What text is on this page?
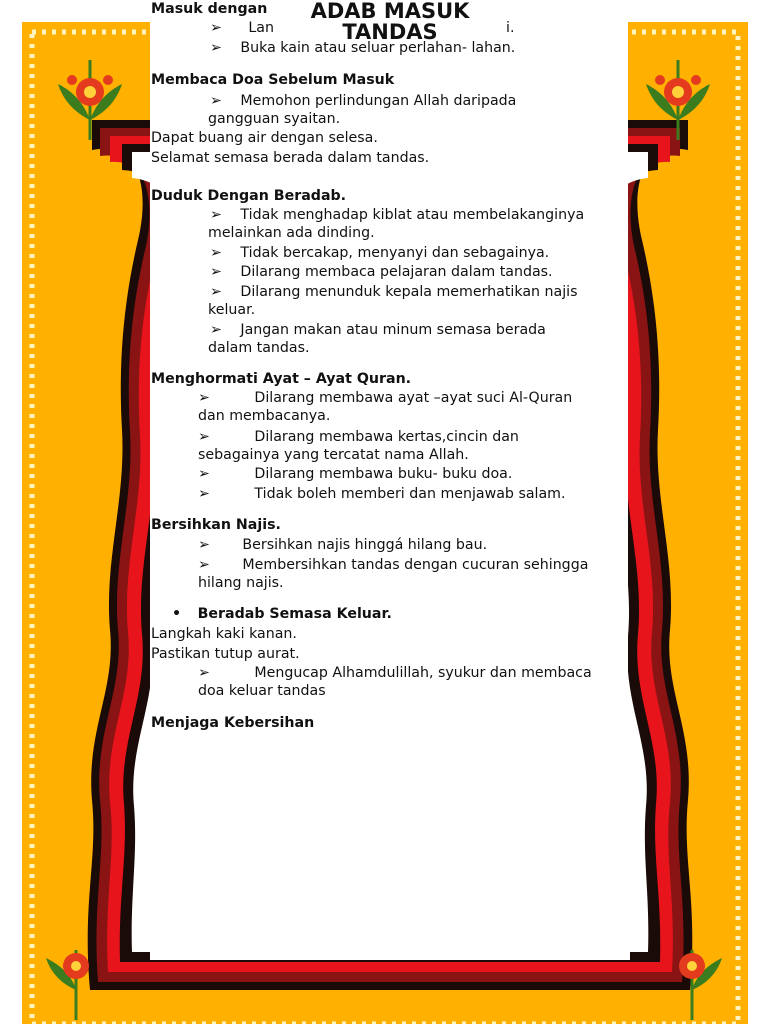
Masuk dengan
➢ Lan	i.
➢ Buka kain atau seluar perlahan- lahan.
ADAB MASUK
TANDAS
Membaca Doa Sebelum Masuk
➢ Memohon perlindungan Allah daripada
gangguan syaitan.
Dapat buang air dengan selesa.
Selamat semasa berada dalam tandas.
Duduk Dengan Beradab.
➢ Tidak menghadap kiblat atau membelakanginya
melainkan ada dinding.
➢ Tidak bercakap, menyanyi dan sebagainya.
➢ Dilarang membaca pelajaran dalam tandas.
➢ Dilarang menunduk kepala memerhatikan najis
keluar.
➢ Jangan makan atau minum semasa berada
dalam tandas.
Menghormati Ayat – Ayat Quran.
➢	Dilarang membawa ayat –ayat suci Al-Quran
dan membacanya.
➢	Dilarang membawa kertas,cincin dan
sebagainya yang tercatat nama Allah.
➢	Dilarang membawa buku- buku doa.
➢	Tidak boleh memberi dan menjawab salam.
Bersihkan Najis.
➢ Bersihkan najis hinggá hilang bau.
➢ Membersihkan tandas dengan cucuran sehingga
hilang najis.
• Beradab Semasa Keluar.
Langkah kaki kanan.
Pastikan tutup aurat.
➢	Mengucap Alhamdulillah, syukur dan membaca
doa keluar tandas
Menjaga Kebersihan
